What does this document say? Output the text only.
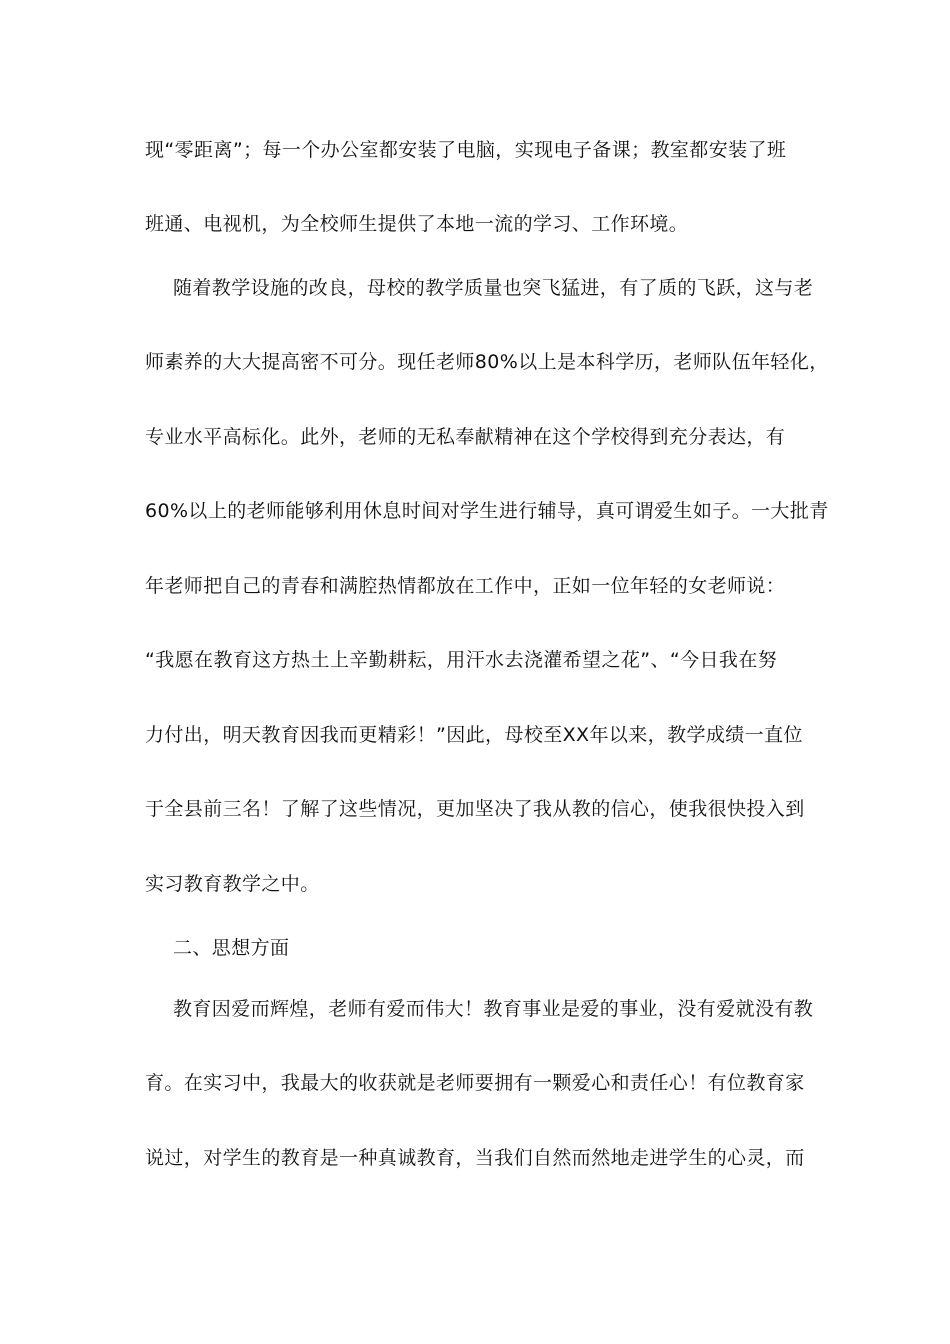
现“零距离”；每一个办公室都安装了电脑，实现电子备课；教室都安装了班
班通、电视机，为全校师生提供了本地一流的学习、工作环境。
随着教学设施的改良，母校的教学质量也突飞猛进，有了质的飞跃，这与老
师素养的大大提高密不可分。现任老师80%以上是本科学历，老师队伍年轻化，
专业水平高标化。此外，老师的无私奉献精神在这个学校得到充分表达，有
60%以上的老师能够利用休息时间对学生进行辅导，真可谓爱生如子。一大批青
年老师把自己的青春和满腔热情都放在工作中，正如一位年轻的女老师说：
“我愿在教育这方热土上辛勤耕耘，用汗水去浇灌希望之花”、“今日我在努
力付出，明天教育因我而更精彩！”因此，母校至XX年以来，教学成绩一直位
于全县前三名！了解了这些情况，更加坚决了我从教的信心，使我很快投入到
实习教育教学之中。
二、思想方面
教育因爱而辉煌，老师有爱而伟大！教育事业是爱的事业，没有爱就没有教
育。在实习中，我最大的收获就是老师要拥有一颗爱心和责任心！有位教育家
说过，对学生的教育是一种真诚教育，当我们自然而然地走进学生的心灵，而
